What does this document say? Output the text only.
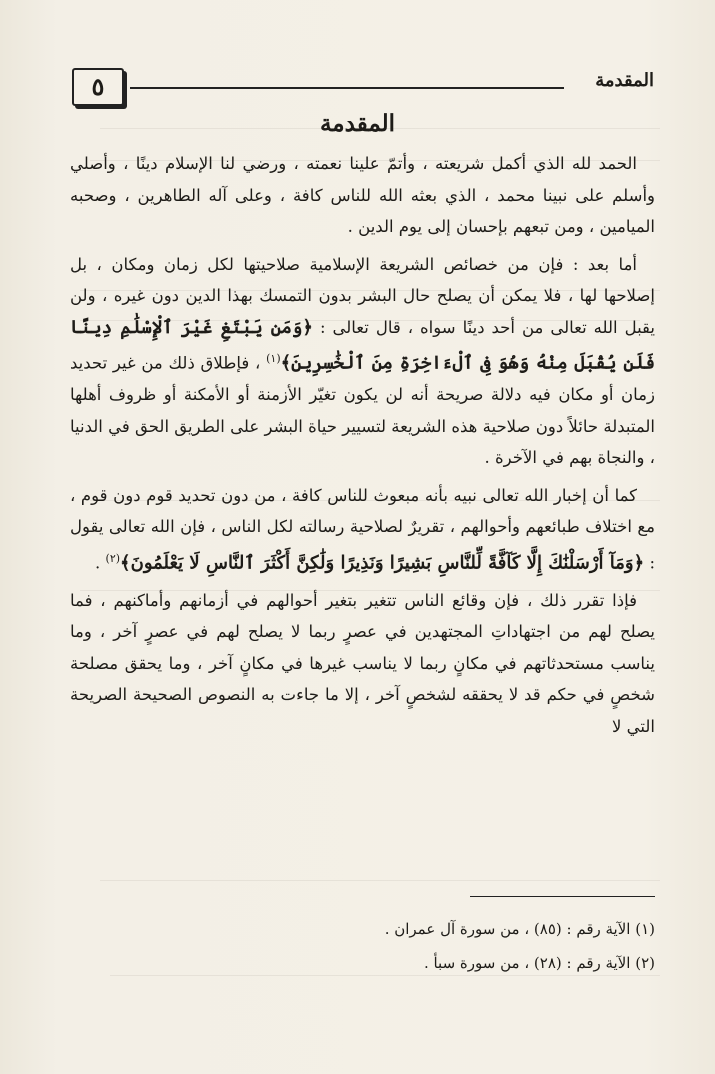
٥	المقدمة
المقدمة

الحمد لله الذي أكمل شريعته ، وأتمّ علينا نعمته ، ورضي لنا الإسلام دينًا ، وأصلي وأسلم على نبينا محمد ، الذي بعثه الله للناس كافة ، وعلى آله الطاهرين ، وصحبه الميامين ، ومن تبعهم بإحسان إلى يوم الدين .

أما بعد : فإن من خصائص الشريعة الإسلامية صلاحيتها لكل زمان ومكان ، بل إصلاحها لها ، فلا يمكن أن يصلح حال البشر بدون التمسك بهذا الدين دون غيره ، ولن يقبل الله تعالى من أحد دينًا سواه ، قال تعالى : ﴿وَمَن يَبْتَغِ غَيْرَ ٱلْإِسْلَٰمِ دِينًا فَلَن يُقْبَلَ مِنْهُ وَهُوَ فِى ٱلْءَاخِرَةِ مِنَ ٱلْخَٰسِرِينَ﴾$^{(١)}$ ، فإطلاق ذلك من غير تحديد زمان أو مكان فيه دلالة صريحة أنه لن يكون تغيّر الأزمنة أو الأمكنة أو ظروف أهلها المتبدلة حائلاً دون صلاحية هذه الشريعة لتسيير حياة البشر على الطريق الحق في الدنيا ، والنجاة بهم في الآخرة .

كما أن إخبار الله تعالى نبيه بأنه مبعوث للناس كافة ، من دون تحديد قوم دون قوم ، مع اختلاف طبائعهم وأحوالهم ، تقريرٌ لصلاحية رسالته لكل الناس ، فإن الله تعالى يقول : ﴿وَمَآ أَرْسَلْنَٰكَ إِلَّا كَآفَّةً لِّلنَّاسِ بَشِيرًا وَنَذِيرًا وَلَٰكِنَّ أَكْثَرَ ٱلنَّاسِ لَا يَعْلَمُونَ﴾$^{(٢)}$ .

فإذا تقرر ذلك ، فإن وقائع الناس تتغير بتغير أحوالهم في أزمانهم وأماكنهم ، فما يصلح لهم من اجتهاداتِ المجتهدين في عصرٍ ربما لا يصلح لهم في عصرٍ آخر ، وما يناسب مستحدثاتهم في مكانٍ ربما لا يناسب غيرها في مكانٍ آخر ، وما يحقق مصلحة شخصٍ في حكم قد لا يحققه لشخصٍ آخر ، إلا ما جاءت به النصوص الصحيحة الصريحة التي لا

(١) الآية رقم : (٨٥) ، من سورة آل عمران .
(٢) الآية رقم : (٢٨) ، من سورة سبأ .
